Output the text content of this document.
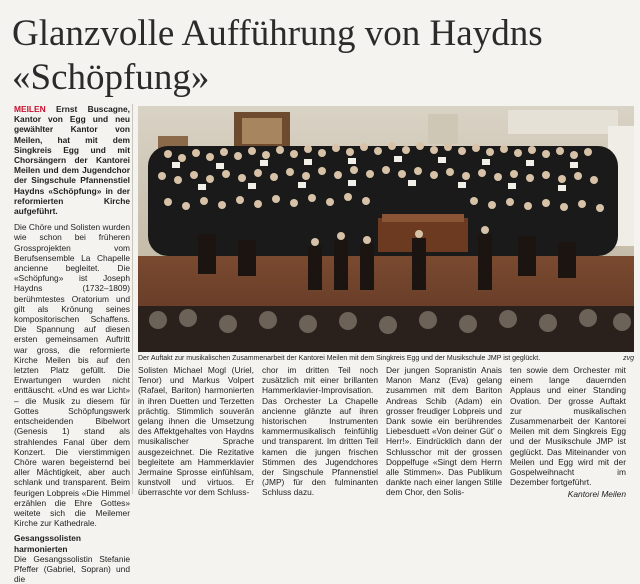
Glanzvolle Aufführung von Haydns «Schöpfung»

MEILEN Ernst Buscagne, Kantor von Egg und neu gewählter Kantor von Meilen, hat mit dem Singkreis Egg und mit Chorsängern der Kantorei Meilen und dem Jugendchor der Singschule Pfannenstiel Haydns «Schöpfung» in der reformierten Kirche aufgeführt.

Die Chöre und Solisten wurden wie schon bei früheren Grossprojekten vom Berufsensemble La Chapelle ancienne begleitet. Die «Schöpfung» ist Joseph Haydns (1732–1809) berühmtestes Oratorium und gilt als Krönung seines kompositorischen Schaffens. Die Spannung auf diesen ersten gemeinsamen Auftritt war gross, die reformierte Kirche Meilen bis auf den letzten Platz gefüllt. Die Erwartungen wurden nicht enttäuscht. «Und es war Licht» – die Musik zu diesem für Gottes Schöpfungswerk entscheidenden Bibelwort (Genesis 1) stand als strahlendes Fanal über dem Konzert. Die vierstimmigen Chöre waren begeisternd bei aller Mächtigkeit, aber auch schlank und transparent. Beim feurigen Lobpreis «Die Himmel erzählen die Ehre Gottes» weitete sich die Meilemer Kirche zur Kathedrale.

Gesangssolisten harmonierten

Die Gesangssolistin Stefanie Pfeffer (Gabriel, Sopran) und die

Der Auftakt zur musikalischen Zusammenarbeit der Kantorei Meilen mit dem Singkreis Egg und der Musikschule JMP ist geglückt.	zvg

Solisten Michael Mogl (Uriel, Tenor) und Markus Volpert (Rafael, Bariton) harmonierten in ihren Duetten und Terzetten prächtig. Stimmlich souverän gelang ihnen die Umsetzung des Affektgehaltes von Haydns musikalischer Sprache ausgezeichnet. Die Rezitative begleitete am Hammerklavier Jermaine Sprosse einfühlsam, kunstvoll und virtuos. Er überraschte vor dem Schluss-

chor im dritten Teil noch zusätzlich mit einer brillanten Hammerklavier-Improvisation. Das Orchester La Chapelle ancienne glänzte auf ihren historischen Instrumenten kammermusikalisch feinfühlig und transparent. Im dritten Teil kamen die jungen frischen Stimmen des Jugendchores der Singschule Pfannenstiel (JMP) für den fulminanten Schluss dazu.

Der jungen Sopranistin Anais Manon Manz (Eva) gelang zusammen mit dem Bariton Andreas Schib (Adam) ein grosser freudiger Lobpreis und Dank sowie ein berührendes Liebesduett «Von deiner Güt' o Herr!». Eindrücklich dann der Schlusschor mit der grossen Doppelfuge «Singt dem Herrn alle Stimmen». Das Publikum dankte nach einer langen Stille dem Chor, den Solis-

ten sowie dem Orchester mit einem lange dauernden Applaus und einer Standing Ovation. Der grosse Auftakt zur musikalischen Zusammenarbeit der Kantorei Meilen mit dem Singkreis Egg und der Musikschule JMP ist geglückt. Das Miteinander von Meilen und Egg wird mit der Gospelweihnacht im Dezember fortgeführt.

Kantorei Meilen
